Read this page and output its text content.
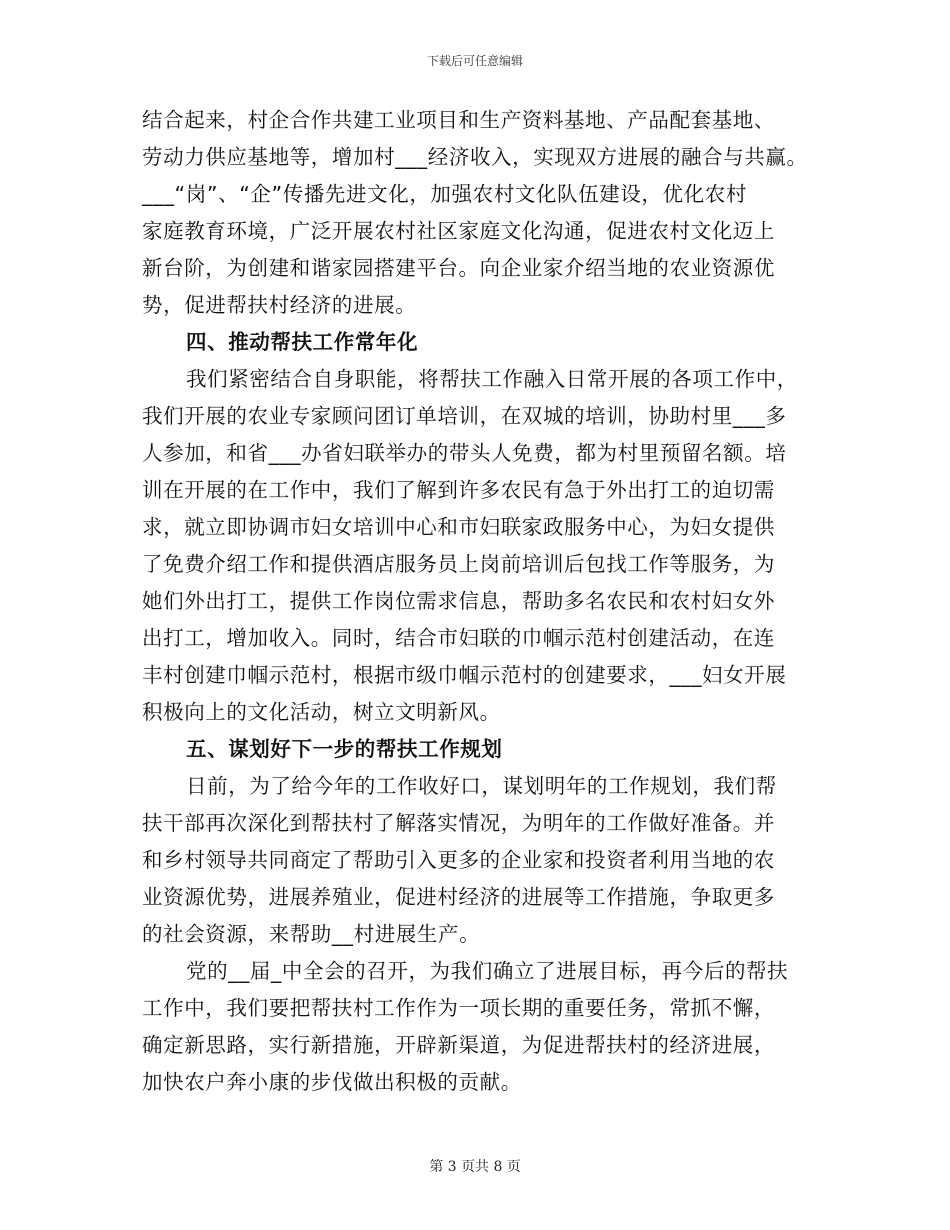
下载后可任意编辑
结合起来，村企合作共建工业项目和生产资料基地、产品配套基地、
劳动力供应基地等，增加村___经济收入，实现双方进展的融合与共赢。
___“岗”、“企”传播先进文化，加强农村文化队伍建设，优化农村
家庭教育环境，广泛开展农村社区家庭文化沟通，促进农村文化迈上
新台阶，为创建和谐家园搭建平台。向企业家介绍当地的农业资源优
势，促进帮扶村经济的进展。
四、推动帮扶工作常年化
我们紧密结合自身职能，将帮扶工作融入日常开展的各项工作中，
我们开展的农业专家顾问团订单培训，在双城的培训，协助村里___多
人参加，和省___办省妇联举办的带头人免费，都为村里预留名额。培
训在开展的在工作中，我们了解到许多农民有急于外出打工的迫切需
求，就立即协调市妇女培训中心和市妇联家政服务中心，为妇女提供
了免费介绍工作和提供酒店服务员上岗前培训后包找工作等服务，为
她们外出打工，提供工作岗位需求信息，帮助多名农民和农村妇女外
出打工，增加收入。同时，结合市妇联的巾帼示范村创建活动，在连
丰村创建巾帼示范村，根据市级巾帼示范村的创建要求，___妇女开展
积极向上的文化活动，树立文明新风。
五、谋划好下一步的帮扶工作规划
日前，为了给今年的工作收好口，谋划明年的工作规划，我们帮
扶干部再次深化到帮扶村了解落实情况，为明年的工作做好准备。并
和乡村领导共同商定了帮助引入更多的企业家和投资者利用当地的农
业资源优势，进展养殖业，促进村经济的进展等工作措施，争取更多
的社会资源，来帮助__村进展生产。
党的__届_中全会的召开，为我们确立了进展目标，再今后的帮扶
工作中，我们要把帮扶村工作作为一项长期的重要任务，常抓不懈，
确定新思路，实行新措施，开辟新渠道，为促进帮扶村的经济进展，
加快农户奔小康的步伐做出积极的贡献。
第 3 页共 8 页
